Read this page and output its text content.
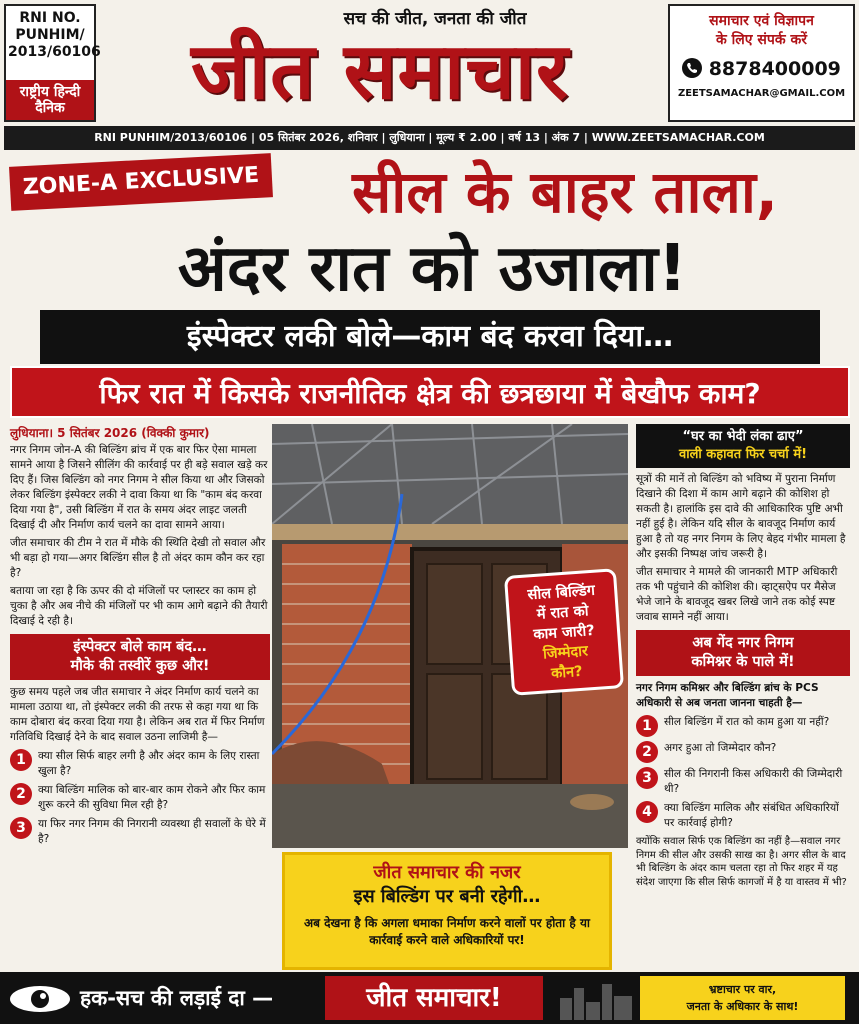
RNI NO.
PUNHIM/
2013/60106
राष्ट्रीय हिन्दी
दैनिक
सच की जीत, जनता की जीत
जीत समाचार
समाचार एवं विज्ञापन
के लिए संपर्क करें
8878400009
ZEETSAMACHAR@GMAIL.COM
RNI PUNHIM/2013/60106 | 05 सितंबर 2026, शनिवार | लुधियाना | मूल्य ₹ 2.00 | वर्ष 13 | अंक 7 | WWW.ZEETSAMACHAR.COM
ZONE-A EXCLUSIVE	सील के बाहर ताला,
अंदर रात को उजाला!
इंस्पेक्टर लकी बोले—काम बंद करवा दिया…
फिर रात में किसके राजनीतिक क्षेत्र की छत्रछाया में बेखौफ काम?
लुधियाना। 5 सितंबर 2026 (विक्की कुमार)

नगर निगम जोन-A की बिल्डिंग ब्रांच में एक बार फिर ऐसा मामला सामने आया है जिसने सीलिंग की कार्रवाई पर ही बड़े सवाल खड़े कर दिए हैं। जिस बिल्डिंग को नगर निगम ने सील किया था और जिसको लेकर बिल्डिंग इंस्पेक्टर लकी ने दावा किया था कि "काम बंद करवा दिया गया है", उसी बिल्डिंग में रात के समय अंदर लाइट जलती दिखाई दी और निर्माण कार्य चलने का दावा सामने आया।

जीत समाचार की टीम ने रात में मौके की स्थिति देखी तो सवाल और भी बड़ा हो गया—अगर बिल्डिंग सील है तो अंदर काम कौन कर रहा है?

बताया जा रहा है कि ऊपर की दो मंजिलों पर प्लास्टर का काम हो चुका है और अब नीचे की मंजिलों पर भी काम आगे बढ़ाने की तैयारी दिखाई दे रही है।

इंस्पेक्टर बोले काम बंद…
मौके की तस्वीरें कुछ और!

कुछ समय पहले जब जीत समाचार ने अंदर निर्माण कार्य चलने का मामला उठाया था, तो इंस्पेक्टर लकी की तरफ से कहा गया था कि काम दोबारा बंद करवा दिया गया है। लेकिन अब रात में फिर निर्माण गतिविधि दिखाई देने के बाद सवाल उठना लाजिमी है—

1	क्या सील सिर्फ बाहर लगी है और अंदर काम के लिए रास्ता खुला है?
2	क्या बिल्डिंग मालिक को बार-बार काम रोकने और फिर काम शुरू करने की सुविधा मिल रही है?
3	या फिर नगर निगम की निगरानी व्यवस्था ही सवालों के घेरे में है?
सील बिल्डिंग
में रात को
काम जारी?
जिम्मेदार
कौन?
जीत समाचार की नजर
इस बिल्डिंग पर बनी रहेगी…
अब देखना है कि अगला धमाका निर्माण करने वालों पर होता है या कार्रवाई करने वाले अधिकारियों पर!
“घर का भेदी लंका ढाए”
वाली कहावत फिर चर्चा में!

सूत्रों की मानें तो बिल्डिंग को भविष्य में पुराना निर्माण दिखाने की दिशा में काम आगे बढ़ाने की कोशिश हो सकती है। हालांकि इस दावे की आधिकारिक पुष्टि अभी नहीं हुई है। लेकिन यदि सील के बावजूद निर्माण कार्य हुआ है तो यह नगर निगम के लिए बेहद गंभीर मामला है और इसकी निष्पक्ष जांच जरूरी है।

जीत समाचार ने मामले की जानकारी MTP अधिकारी तक भी पहुंचाने की कोशिश की। व्हाट्सऐप पर मैसेज भेजे जाने के बावजूद खबर लिखे जाने तक कोई स्पष्ट जवाब सामने नहीं आया।

अब गेंद नगर निगम
कमिश्नर के पाले में!

नगर निगम कमिश्नर और बिल्डिंग ब्रांच के PCS अधिकारी से अब जनता जानना चाहती है—

1	सील बिल्डिंग में रात को काम हुआ या नहीं?
2	अगर हुआ तो जिम्मेदार कौन?
3	सील की निगरानी किस अधिकारी की जिम्मेदारी थी?
4	क्या बिल्डिंग मालिक और संबंधित अधिकारियों पर कार्रवाई होगी?

क्योंकि सवाल सिर्फ एक बिल्डिंग का नहीं है—सवाल नगर निगम की सील और उसकी साख का है। अगर सील के बाद भी बिल्डिंग के अंदर काम चलता रहा तो फिर शहर में यह संदेश जाएगा कि सील सिर्फ कागजों में है या वास्तव में भी?

हक-सच की लड़ाई दा —	जीत समाचार!	भ्रष्टाचार पर वार,
जनता के अधिकार के साथ!
